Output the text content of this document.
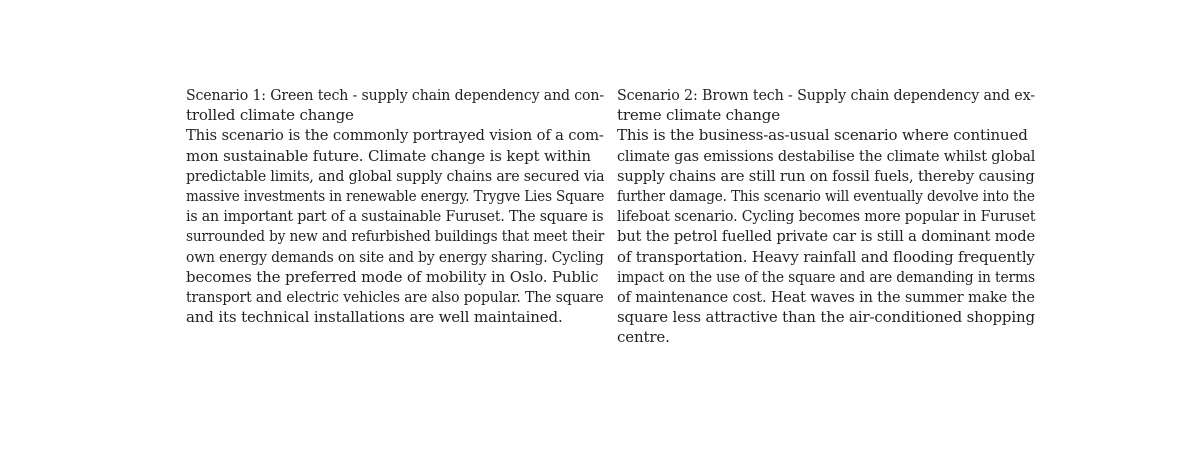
Scenario 1: Green tech - supply chain dependency and con-
trolled climate change
This scenario is the commonly portrayed vision of a com-
mon sustainable future. Climate change is kept within
predictable limits, and global supply chains are secured via
massive investments in renewable energy. Trygve Lies Square
is an important part of a sustainable Furuset. The square is
surrounded by new and refurbished buildings that meet their
own energy demands on site and by energy sharing. Cycling
becomes the preferred mode of mobility in Oslo. Public
transport and electric vehicles are also popular. The square
and its technical installations are well maintained.
Scenario 2: Brown tech - Supply chain dependency and ex-
treme climate change
This is the business-as-usual scenario where continued
climate gas emissions destabilise the climate whilst global
supply chains are still run on fossil fuels, thereby causing
further damage. This scenario will eventually devolve into the
lifeboat scenario. Cycling becomes more popular in Furuset
but the petrol fuelled private car is still a dominant mode
of transportation. Heavy rainfall and flooding frequently
impact on the use of the square and are demanding in terms
of maintenance cost. Heat waves in the summer make the
square less attractive than the air-conditioned shopping
centre.
